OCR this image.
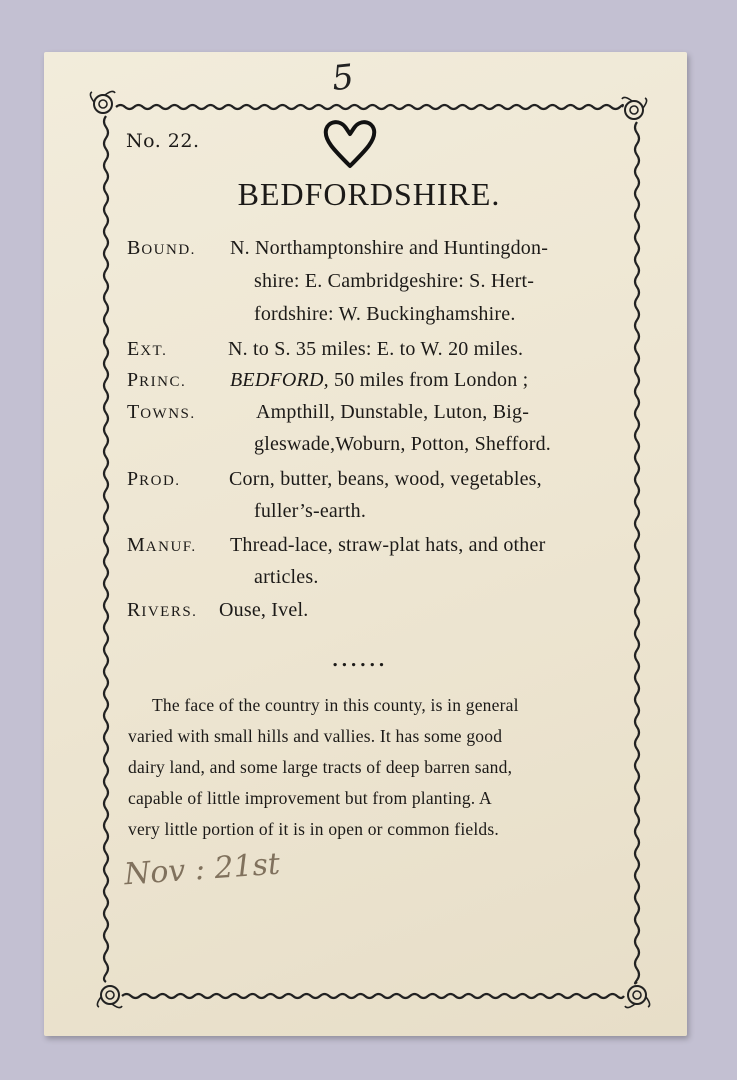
5
No. 22.
BEDFORDSHIRE.
BOUND. N. Northamptonshire and Huntingdon-
shire: E. Cambridgeshire: S. Hert-
fordshire: W. Buckinghamshire.
EXT.	N. to S. 35 miles: E. to W. 20 miles.
PRINC. BEDFORD, 50 miles from London ;
TOWNS.	Ampthill, Dunstable, Luton, Big-
gleswade,Woburn, Potton, Shefford.
PROD. Corn, butter, beans, wood, vegetables,
fuller’s-earth.
MANUF. Thread-lace, straw-plat hats, and other
articles.
RIVERS. Ouse, Ivel.
......
The face of the country in this county, is in general
varied with small hills and vallies. It has some good
dairy land, and some large tracts of deep barren sand,
capable of little improvement but from planting. A
very little portion of it is in open or common fields.
Nov : 21st
